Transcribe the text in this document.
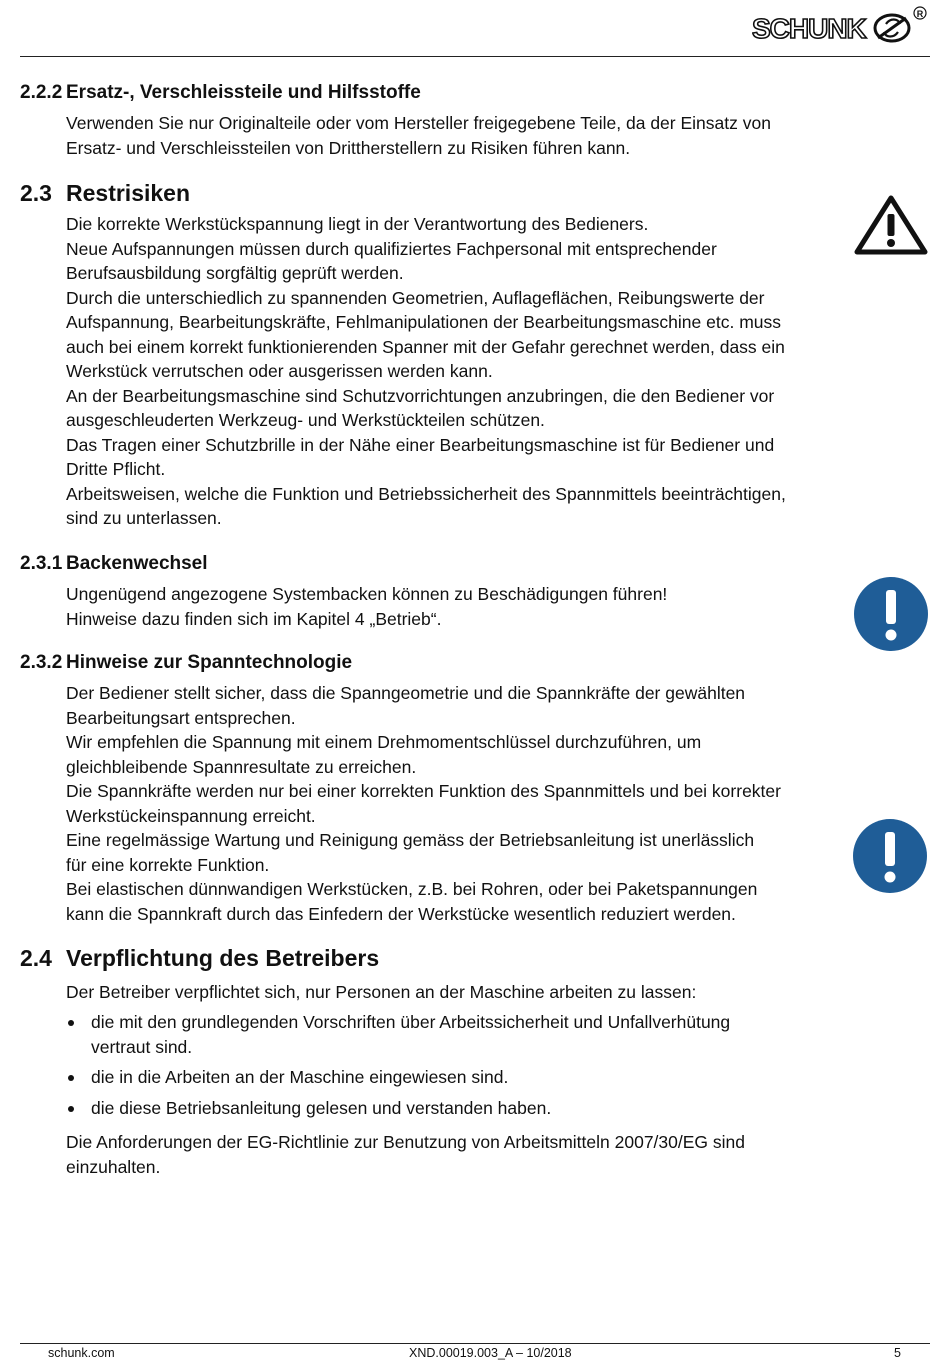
SCHUNK	R
2.2.2 Ersatz-, Verschleissteile und Hilfsstoffe

Verwenden Sie nur Originalteile oder vom Hersteller freigegebene Teile, da der Einsatz von

Ersatz- und Verschleissteilen von Drittherstellern zu Risiken führen kann.

2.3 Restrisiken

Die korrekte Werkstückspannung liegt in der Verantwortung des Bedieners.

Neue Aufspannungen müssen durch qualifiziertes Fachpersonal mit entsprechender

Berufsausbildung sorgfältig geprüft werden.

Durch die unterschiedlich zu spannenden Geometrien, Auflageflächen, Reibungswerte der

Aufspannung, Bearbeitungskräfte, Fehlmanipulationen der Bearbeitungsmaschine etc. muss

auch bei einem korrekt funktionierenden Spanner mit der Gefahr gerechnet werden, dass ein

Werkstück verrutschen oder ausgerissen werden kann.

An der Bearbeitungsmaschine sind Schutzvorrichtungen anzubringen, die den Bediener vor

ausgeschleuderten Werkzeug- und Werkstückteilen schützen.

Das Tragen einer Schutzbrille in der Nähe einer Bearbeitungsmaschine ist für Bediener und

Dritte Pflicht.

Arbeitsweisen, welche die Funktion und Betriebssicherheit des Spannmittels beeinträchtigen,

sind zu unterlassen.

2.3.1 Backenwechsel

Ungenügend angezogene Systembacken können zu Beschädigungen führen!

Hinweise dazu finden sich im Kapitel 4 „Betrieb“.

2.3.2 Hinweise zur Spanntechnologie

Der Bediener stellt sicher, dass die Spanngeometrie und die Spannkräfte der gewählten

Bearbeitungsart entsprechen.

Wir empfehlen die Spannung mit einem Drehmomentschlüssel durchzuführen, um

gleichbleibende Spannresultate zu erreichen.

Die Spannkräfte werden nur bei einer korrekten Funktion des Spannmittels und bei korrekter

Werkstückeinspannung erreicht.

Eine regelmässige Wartung und Reinigung gemäss der Betriebsanleitung ist unerlässlich

für eine korrekte Funktion.

Bei elastischen dünnwandigen Werkstücken, z.B. bei Rohren, oder bei Paketspannungen

kann die Spannkraft durch das Einfedern der Werkstücke wesentlich reduziert werden.

2.4 Verpflichtung des Betreibers

Der Betreiber verpflichtet sich, nur Personen an der Maschine arbeiten zu lassen:

die mit den grundlegenden Vorschriften über Arbeitssicherheit und Unfallverhütung
vertraut sind.
die in die Arbeiten an der Maschine eingewiesen sind.
die diese Betriebsanleitung gelesen und verstanden haben.

Die Anforderungen der EG-Richtlinie zur Benutzung von Arbeitsmitteln 2007/30/EG sind

einzuhalten.

schunk.com	XND.00019.003_A – 10/2018	5
